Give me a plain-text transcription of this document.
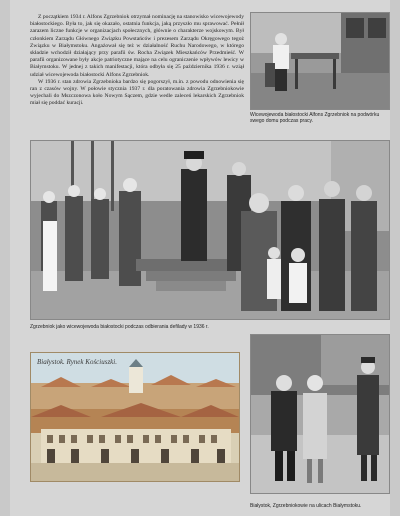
Z początkiem 1934 r. Alfons Zgrzebniok otrzymał nominację na stanowisko wicewojewody białostockiego. Była to, jak się okazało, ostatnia funkcja, jaką przyszło mu sprawować. Pełnił zarazem liczne funkcje w organizacjach społecznych, głównie o charakterze wojskowym. Był członkiem Zarządu Głównego Związku Powstańców i prezesem Zarządu Okręgowego tegoż Związku w Białymstoku. Angażował się też w działalność Ruchu Narodowego, w którego składzie wchodził działający przy parafii św. Rocha Związek Mieszkańców Przedmieść. W parafii organizowane były akcje patriotyczne mające na celu ograniczenie wpływów lewicy w Białymstoku. W jednej z takich manifestacji, która odbyła się 25 października 1936 r. wziął udział wicewojewoda białostocki Alfons Zgrzebniok.

W 1936 r. stan zdrowia Zgrzebnioka bardzo się pogorszył, m.in. z powodu odnowienia się ran z czasów wojny. W połowie stycznia 1937 r. dla poratowania zdrowia Zgrzebniokowie wyjechali do Mszczonowa koło Nowym Sączem, gdzie wedle zaleceń lekarskich Zgrzebniok miał się poddać kuracji.

Wicewojewoda białostocki Alfons Zgrzebniok na podwórku swego domu podczas pracy.
Zgrzebniok jako wicewojewoda białostocki podczas odbierania defilady w 1936 r.
Białystok. Rynek Kościuszki.
Białystok, Zgrzebniokowie na ulicach Białymstoku.
